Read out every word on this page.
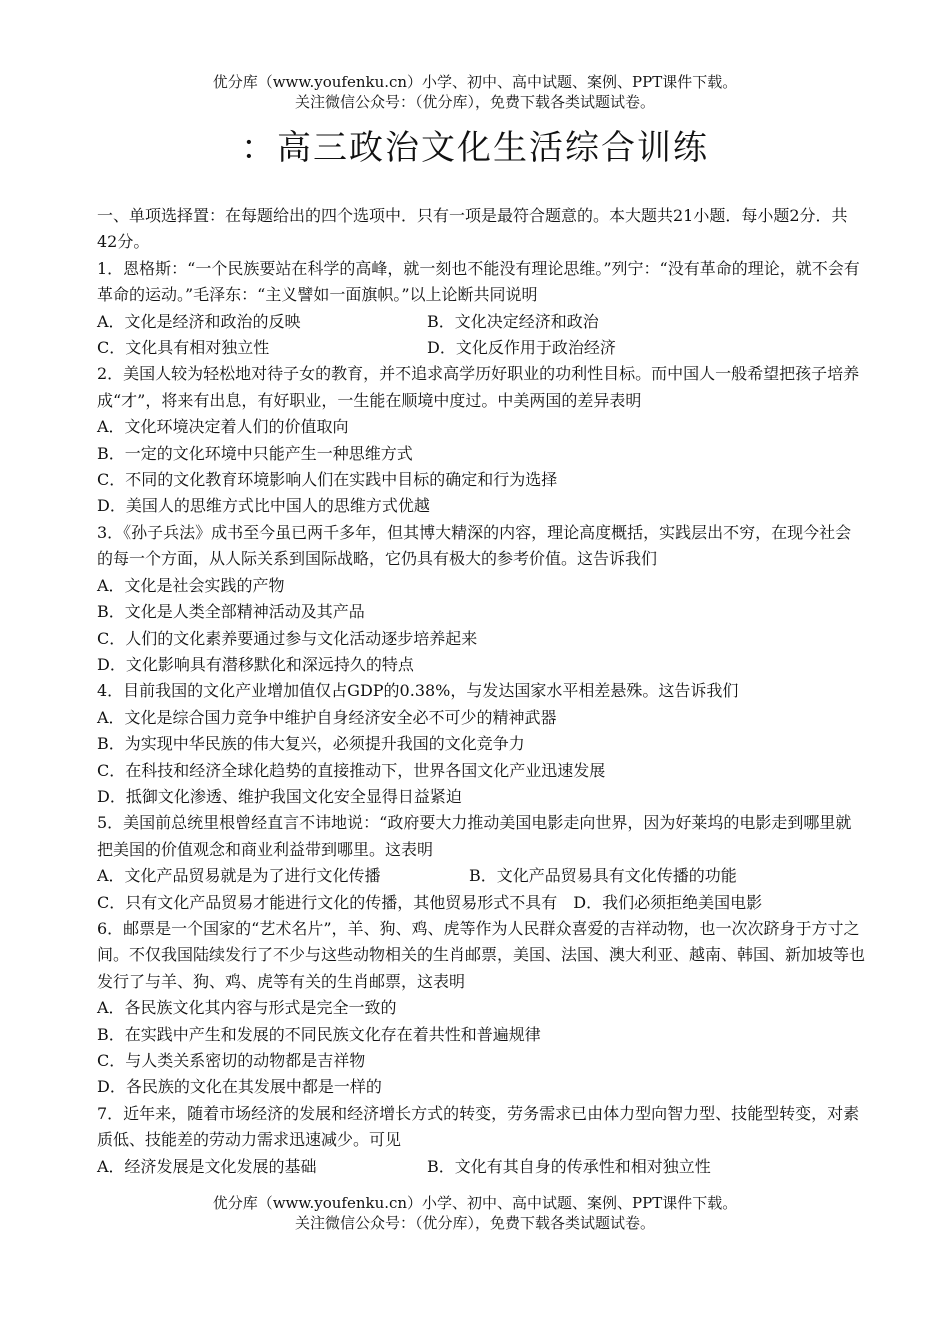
优分库（www.youfenku.cn）小学、初中、高中试题、案例、PPT课件下载。
关注微信公众号：（优分库），免费下载各类试题试卷。
：高三政治文化生活综合训练

一、单项选择置：在每题给出的四个选项中．只有一项是最符合题意的。本大题共21小题．每小题2分．共42分。

1．恩格斯：“一个民族要站在科学的高峰，就一刻也不能没有理论思维。”列宁：“没有革命的理论，就不会有革命的运动。”毛泽东：“主义譬如一面旗帜。”以上论断共同说明

A．文化是经济和政治的反映	B．文化决定经济和政治
C．文化具有相对独立性	D．文化反作用于政治经济

2．美国人较为轻松地对待子女的教育，并不追求高学历好职业的功利性目标。而中国人一般希望把孩子培养成“才”，将来有出息，有好职业，一生能在顺境中度过。中美两国的差异表明

A．文化环境决定着人们的价值取向

B．一定的文化环境中只能产生一种思维方式

C．不同的文化教育环境影响人们在实践中目标的确定和行为选择

D．美国人的思维方式比中国人的思维方式优越

3．《孙子兵法》成书至今虽已两千多年，但其博大精深的内容，理论高度概括，实践层出不穷，在现今社会的每一个方面，从人际关系到国际战略，它仍具有极大的参考价值。这告诉我们

A．文化是社会实践的产物

B．文化是人类全部精神活动及其产品

C．人们的文化素养要通过参与文化活动逐步培养起来

D．文化影响具有潜移默化和深远持久的特点

4．目前我国的文化产业增加值仅占GDP的0.38%，与发达国家水平相差悬殊。这告诉我们

A．文化是综合国力竞争中维护自身经济安全必不可少的精神武器

B．为实现中华民族的伟大复兴，必须提升我国的文化竞争力

C．在科技和经济全球化趋势的直接推动下，世界各国文化产业迅速发展

D．抵御文化渗透、维护我国文化安全显得日益紧迫

5．美国前总统里根曾经直言不讳地说：“政府要大力推动美国电影走向世界，因为好莱坞的电影走到哪里就把美国的价值观念和商业利益带到哪里。这表明

A．文化产品贸易就是为了进行文化传播	B．文化产品贸易具有文化传播的功能
C．只有文化产品贸易才能进行文化的传播，其他贸易形式不具有 D．我们必须拒绝美国电影

6．邮票是一个国家的“艺术名片”，羊、狗、鸡、虎等作为人民群众喜爱的吉祥动物，也一次次跻身于方寸之间。不仅我国陆续发行了不少与这些动物相关的生肖邮票，美国、法国、澳大利亚、越南、韩国、新加坡等也发行了与羊、狗、鸡、虎等有关的生肖邮票，这表明

A．各民族文化其内容与形式是完全一致的

B．在实践中产生和发展的不同民族文化存在着共性和普遍规律

C．与人类关系密切的动物都是吉祥物

D．各民族的文化在其发展中都是一样的

7．近年来，随着市场经济的发展和经济增长方式的转变，劳务需求已由体力型向智力型、技能型转变，对素质低、技能差的劳动力需求迅速减少。可见

A．经济发展是文化发展的基础	B．文化有其自身的传承性和相对独立性
优分库（www.youfenku.cn）小学、初中、高中试题、案例、PPT课件下载。
关注微信公众号：（优分库），免费下载各类试题试卷。
